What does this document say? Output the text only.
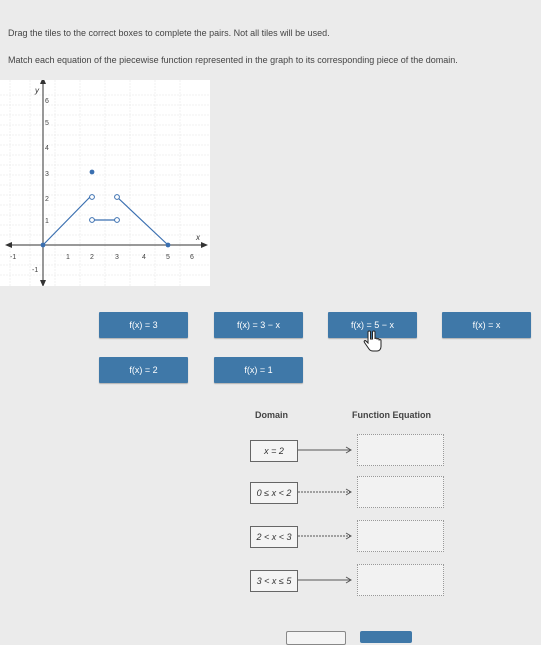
Drag the tiles to the correct boxes to complete the pairs. Not all tiles will be used.
Match each equation of the piecewise function represented in the graph to its corresponding piece of the domain.
y
x
6
5
4
3
2
1
-1
-1	1	2	3	4	5	6
f(x) = 3	f(x) = 3 − x	f(x) = 5 − x	f(x) = x
f(x) = 2	f(x) = 1
Domain	Function Equation
x = 2
0 ≤ x < 2
2 < x < 3
3 < x ≤ 5
